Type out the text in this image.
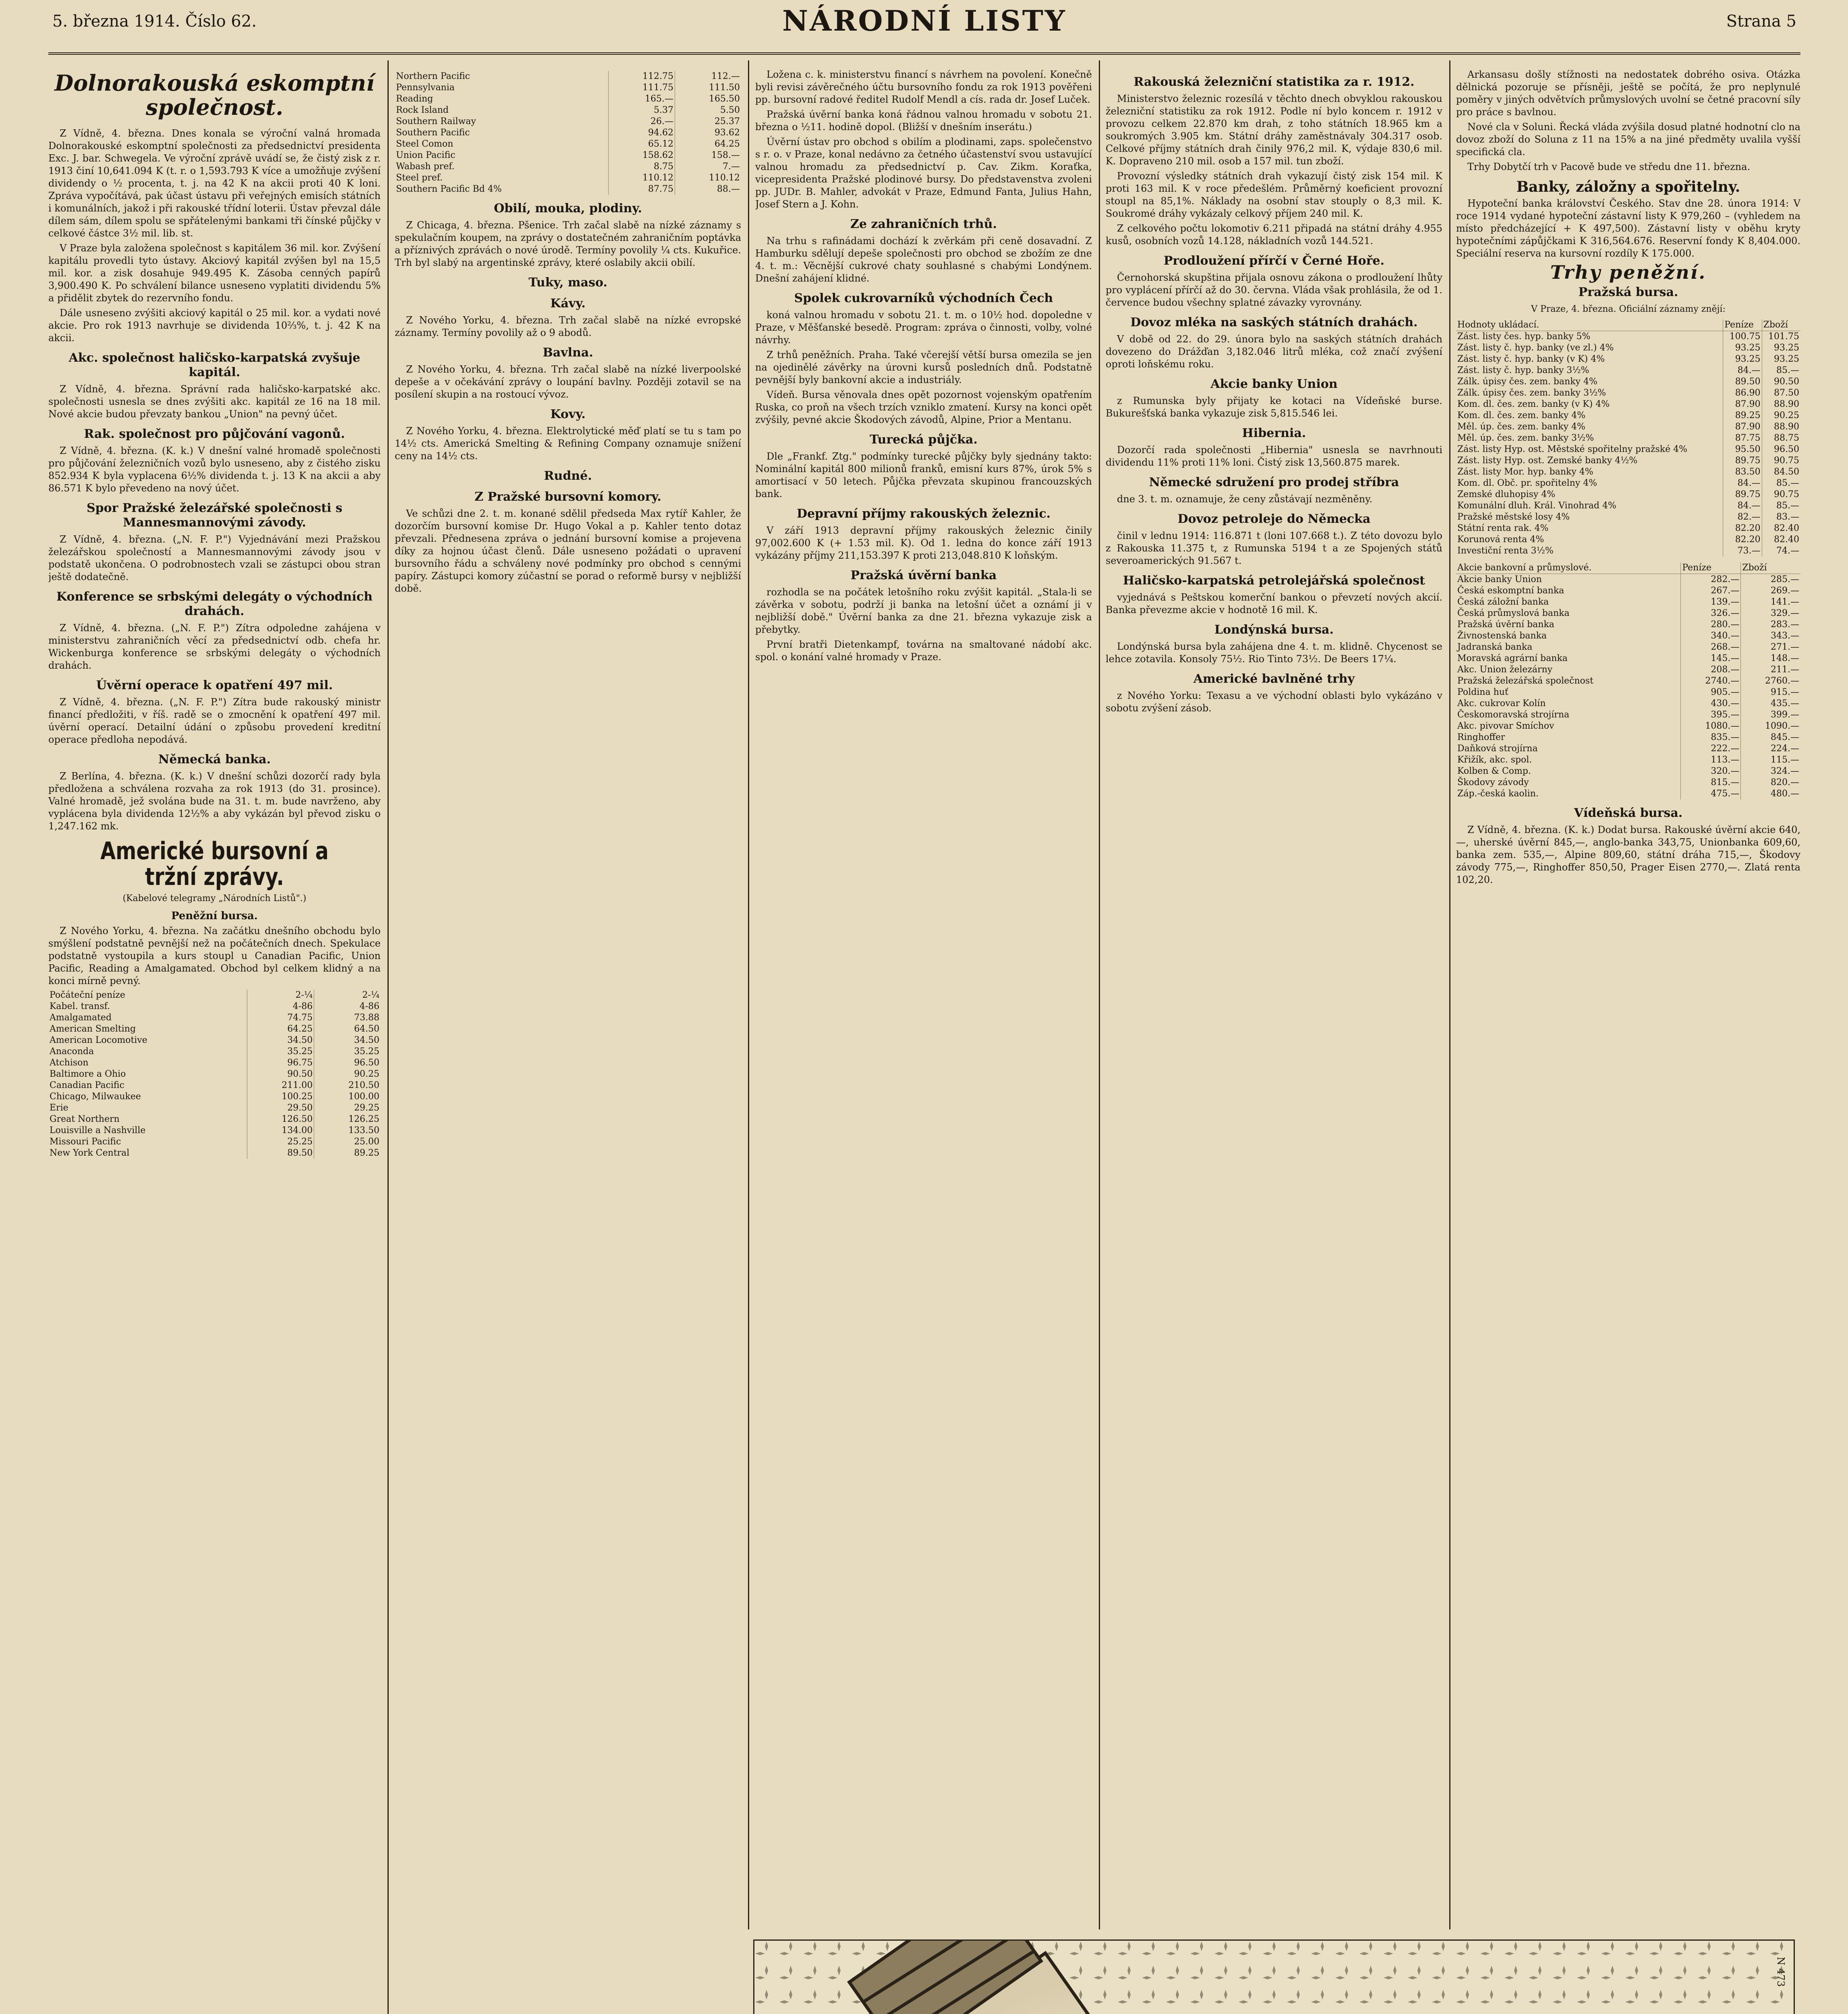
5. března 1914. Číslo 62.	NÁRODNÍ LISTY	Strana 5
Dolnorakouská eskomptní společnost.

Z Vídně, 4. března. Dnes konala se výroční valná hromada Dolnorakouské eskomptní společnosti za předsednictví presidenta Exc. J. bar. Schwegela. Ve výroční zprávě uvádí se, že čistý zisk z r. 1913 činí 10,641.094 K (t. r. o 1,593.793 K více a umožňuje zvýšení dividendy o ½ procenta, t. j. na 42 K na akcii proti 40 K loni. Zpráva vypočítává, pak účast ústavu při veřejných emisích státních i komunálních, jakož i při rakouské třídní loterii. Ústav převzal dále dílem sám, dílem spolu se spřátelenými bankami tři čínské půjčky v celkové částce 3½ mil. lib. st.

V Praze byla založena společnost s kapitálem 36 mil. kor. Zvýšení kapitálu provedli tyto ústavy. Akciový kapitál zvýšen byl na 15,5 mil. kor. a zisk dosahuje 949.495 K. Zásoba cenných papírů 3,900.490 K. Po schválení bilance usneseno vyplatiti dividendu 5% a přidělit zbytek do rezervního fondu.

Dále usneseno zvýšiti akciový kapitál o 25 mil. kor. a vydati nové akcie. Pro rok 1913 navrhuje se dividenda 10⅔%, t. j. 42 K na akcii.

Akc. společnost haličsko-karpatská zvyšuje kapitál.

Z Vídně, 4. března. Správní rada haličsko-karpatské akc. společnosti usnesla se dnes zvýšiti akc. kapitál ze 16 na 18 mil. Nové akcie budou převzaty bankou „Union" na pevný účet.

Rak. společnost pro půjčování vagonů.

Z Vídně, 4. března. (K. k.) V dnešní valné hromadě společnosti pro půjčování železničních vozů bylo usneseno, aby z čistého zisku 852.934 K byla vyplacena 6½% dividenda t. j. 13 K na akcii a aby 86.571 K bylo převedeno na nový účet.

Spor Pražské železářské společnosti s Mannesmannovými závody.

Z Vídně, 4. března. („N. F. P.") Vyjednávání mezi Pražskou železářskou společností a Mannesmannovými závody jsou v podstatě ukončena. O podrobnostech vzali se zástupci obou stran ještě dodatečně.

Konference se srbskými delegáty o východních drahách.

Z Vídně, 4. března. („N. F. P.") Zítra odpoledne zahájena v ministerstvu zahraničních věcí za předsednictví odb. chefa hr. Wickenburga konference se srbskými delegáty o východních drahách.

Úvěrní operace k opatření 497 mil.

Z Vídně, 4. března. („N. F. P.") Zítra bude rakouský ministr financí předložiti, v říš. radě se o zmocnění k opatření 497 mil. úvěrní operací. Detailní údání o způsobu provedení kreditní operace předloha nepodává.

Německá banka.

Z Berlína, 4. března. (K. k.) V dnešní schůzi dozorčí rady byla předložena a schválena rozvaha za rok 1913 (do 31. prosince). Valné hromadě, jež svolána bude na 31. t. m. bude navrženo, aby vyplácena byla dividenda 12½% a aby vykázán byl převod zisku o 1,247.162 mk.

Americké bursovní a tržní zprávy.
(Kabelové telegramy „Národních Listů".)
Peněžní bursa.

Z Nového Yorku, 4. března. Na začátku dnešního obchodu bylo smýšlení podstatně pevnější než na počátečních dnech. Spekulace podstatně vystoupila a kurs stoupl u Canadian Pacific, Union Pacific, Reading a Amalgamated. Obchod byl celkem klidný a na konci mírně pevný.

Počáteční peníze	2-¼	2-¼
Kabel. transf.	4-86	4-86
Amalgamated	74.75	73.88
American Smelting	64.25	64.50
American Locomotive	34.50	34.50
Anaconda	35.25	35.25
Atchison	96.75	96.50
Baltimore a Ohio	90.50	90.25
Canadian Pacific	211.00	210.50
Chicago, Milwaukee	100.25	100.00
Erie	29.50	29.25
Great Northern	126.50	126.25
Louisville a Nashville	134.00	133.50
Missouri Pacific	25.25	25.00
New York Central	89.50	89.25
Northern Pacific	112.75	112.—
Pennsylvania	111.75	111.50
Reading	165.—	165.50
Rock Island	5.37	5.50
Southern Railway	26.—	25.37
Southern Pacific	94.62	93.62
Steel Comon	65.12	64.25
Union Pacific	158.62	158.—
Wabash pref.	8.75	7.—
Steel pref.	110.12	110.12
Southern Pacific Bd 4%	87.75	88.—
Obilí, mouka, plodiny.

Z Chicaga, 4. března. Pšenice. Trh začal slabě na nízké záznamy s spekulačním koupem, na zprávy o dostatečném zahraničním poptávka a příznivých zprávách o nové úrodě. Termíny povolily ¼ cts. Kukuřice. Trh byl slabý na argentinské zprávy, které oslabily akcii obilí.

Tuky, maso.
Kávy.

Z Nového Yorku, 4. března. Trh začal slabě na nízké evropské záznamy. Termíny povolily až o 9 abodů.

Bavlna.

Z Nového Yorku, 4. března. Trh začal slabě na nízké liverpoolské depeše a v očekávání zprávy o loupání bavlny. Později zotavil se na posílení skupin a na rostoucí vývoz.

Kovy.

Z Nového Yorku, 4. března. Elektrolytické měď platí se tu s tam po 14½ cts. Americká Smelting & Refining Company oznamuje snížení ceny na 14½ cts.

Rudné.
Z Pražské bursovní komory.

Ve schůzi dne 2. t. m. konané sdělil předseda Max rytíř Kahler, že dozorčím bursovní komise Dr. Hugo Vokal a p. Kahler tento dotaz převzali. Přednesena zpráva o jednání bursovní komise a projevena díky za hojnou účast členů. Dále usneseno požádati o upravení bursovního řádu a schváleny nové podmínky pro obchod s cennými papíry. Zástupci komory zúčastní se porad o reformě bursy v nejbližší době.

Ložena c. k. ministerstvu financí s návrhem na povolení. Konečně byli revisi závěrečného účtu bursovního fondu za rok 1913 pověřeni pp. bursovní radové ředitel Rudolf Mendl a cís. rada dr. Josef Luček.

Pražská úvěrní banka koná řádnou valnou hromadu v sobotu 21. března o ½11. hodině dopol. (Bližší v dnešním inserátu.)

Úvěrní ústav pro obchod s obilím a plodinami, zaps. společenstvo s r. o. v Praze, konal nedávno za četného účastenství svou ustavující valnou hromadu za předsednictví p. Cav. Zikm. Koraťka, vicepresidenta Pražské plodinové bursy. Do představenstva zvoleni pp. JUDr. B. Mahler, advokát v Praze, Edmund Fanta, Julius Hahn, Josef Stern a J. Kohn.

Ze zahraničních trhů.

Na trhu s rafinádami dochází k zvěrkám při ceně dosavadní. Z Hamburku sdělují depeše společnosti pro obchod se zbožím ze dne 4. t. m.: Věcnější cukrové chaty souhlasné s chabými Londýnem. Dnešní zahájení klidné.

Spolek cukrovarníků východních Čech

koná valnou hromadu v sobotu 21. t. m. o 10½ hod. dopoledne v Praze, v Měšťanské besedě. Program: zpráva o činnosti, volby, volné návrhy.

Z trhů peněžních. Praha. Také včerejší větší bursa omezila se jen na ojedinělé závěrky na úrovni kursů posledních dnů. Podstatně pevnější byly bankovní akcie a industriály.

Vídeň. Bursa věnovala dnes opět pozornost vojenským opatřením Ruska, co proň na všech trzích vzniklo zmatení. Kursy na konci opět zvýšily, pevné akcie Škodových závodů, Alpine, Prior a Mentanu.

Turecká půjčka.

Dle „Frankf. Ztg." podmínky turecké půjčky byly sjednány takto: Nominální kapitál 800 milionů franků, emisní kurs 87%, úrok 5% s amortisací v 50 letech. Půjčka převzata skupinou francouzských bank.

Depravní příjmy rakouských železnic.

V září 1913 depravní příjmy rakouských železnic činily 97,002.600 K (+ 1.53 mil. K). Od 1. ledna do konce září 1913 vykázány příjmy 211,153.397 K proti 213,048.810 K loňským.

Pražská úvěrní banka

rozhodla se na počátek letošního roku zvýšit kapitál. „Stala-li se závěrka v sobotu, podrží ji banka na letošní účet a oznámí ji v nejbližší době." Úvěrní banka za dne 21. března vykazuje zisk a přebytky.

První bratři Dietenkampf, továrna na smaltované nádobí akc. spol. o konání valné hromady v Praze.

Rakouská železniční statistika za r. 1912.

Ministerstvo železnic rozesílá v těchto dnech obvyklou rakouskou železniční statistiku za rok 1912. Podle ní bylo koncem r. 1912 v provozu celkem 22.870 km drah, z toho státních 18.965 km a soukromých 3.905 km. Státní dráhy zaměstnávaly 304.317 osob. Celkové příjmy státních drah činily 976,2 mil. K, výdaje 830,6 mil. K. Dopraveno 210 mil. osob a 157 mil. tun zboží.

Provozní výsledky státních drah vykazují čistý zisk 154 mil. K proti 163 mil. K v roce předešlém. Průměrný koeficient provozní stoupl na 85,1%. Náklady na osobní stav stouply o 8,3 mil. K. Soukromé dráhy vykázaly celkový příjem 240 mil. K.

Z celkového počtu lokomotiv 6.211 připadá na státní dráhy 4.955 kusů, osobních vozů 14.128, nákladních vozů 144.521.

Prodloužení přírčí v Černé Hoře.

Černohorská skupština přijala osnovu zákona o prodloužení lhůty pro vyplácení přírčí až do 30. června. Vláda však prohlásila, že od 1. července budou všechny splatné závazky vyrovnány.

Dovoz mléka na saských státních drahách.

V době od 22. do 29. února bylo na saských státních drahách dovezeno do Drážďan 3,182.046 litrů mléka, což značí zvýšení oproti loňskému roku.

Akcie banky Union

z Rumunska byly přijaty ke kotaci na Vídeňské burse. Bukurešťská banka vykazuje zisk 5,815.546 lei.

Hibernia.

Dozorčí rada společnosti „Hibernia" usnesla se navrhnouti dividendu 11% proti 11% loni. Čistý zisk 13,560.875 marek.

Německé sdružení pro prodej stříbra

dne 3. t. m. oznamuje, že ceny zůstávají nezměněny.

Dovoz petroleje do Německa

činil v lednu 1914: 116.871 t (loni 107.668 t.). Z této dovozu bylo z Rakouska 11.375 t, z Rumunska 5194 t a ze Spojených států severoamerických 91.567 t.

Haličsko-karpatská petrolejářská společnost

vyjednává s Peštskou komerční bankou o převzetí nových akcií. Banka převezme akcie v hodnotě 16 mil. K.

Londýnská bursa.

Londýnská bursa byla zahájena dne 4. t. m. klidně. Chycenost se lehce zotavila. Konsoly 75½. Rio Tinto 73½. De Beers 17¼.

Americké bavlněné trhy

z Nového Yorku: Texasu a ve východní oblasti bylo vykázáno v sobotu zvýšení zásob.

Arkansasu došly stížnosti na nedostatek dobrého osiva. Otázka dělnická pozoruje se přísněji, ještě se počítá, že pro neplynulé poměry v jiných odvětvích průmyslových uvolní se četné pracovní síly pro práce s bavlnou.

Nové cla v Soluni. Řecká vláda zvýšila dosud platné hodnotní clo na dovoz zboží do Soluna z 11 na 15% a na jiné předměty uvalila vyšší specifická cla.

Trhy Dobytčí trh v Pacově bude ve středu dne 11. března.

Banky, záložny a spořitelny.

Hypoteční banka království Českého. Stav dne 28. února 1914: V roce 1914 vydané hypoteční zástavní listy K 979,260 – (vyhledem na místo předcházející + K 497,500). Zástavní listy v oběhu kryty hypotečními zápůjčkami K 316,564.676. Reservní fondy K 8,404.000. Speciální reserva na kursovní rozdíly K 175.000.

Trhy peněžní.
Pražská bursa.
V Praze, 4. března. Oficiální záznamy znějí:
Hodnoty ukládací.	Peníze	Zboží
Zást. listy čes. hyp. banky 5%	100.75	101.75
Zást. listy č. hyp. banky (ve zl.) 4%	93.25	93.25
Zást. listy č. hyp. banky (v K) 4%	93.25	93.25
Zást. listy č. hyp. banky 3½%	84.—	85.—
Zálk. úpisy čes. zem. banky 4%	89.50	90.50
Zálk. úpisy čes. zem. banky 3½%	86.90	87.50
Kom. dl. čes. zem. banky (v K) 4%	87.90	88.90
Kom. dl. čes. zem. banky 4%	89.25	90.25
Měl. úp. čes. zem. banky 4%	87.90	88.90
Měl. úp. čes. zem. banky 3½%	87.75	88.75
Zást. listy Hyp. ost. Městské spořitelny pražské 4%	95.50	96.50
Zást. listy Hyp. ost. Zemské banky 4½%	89.75	90.75
Zást. listy Mor. hyp. banky 4%	83.50	84.50
Kom. dl. Obč. pr. spořitelny 4%	84.—	85.—
Zemské dluhopisy 4%	89.75	90.75
Komunální dluh. Král. Vinohrad 4%	84.—	85.—
Pražské městské losy 4%	82.—	83.—
Státní renta rak. 4%	82.20	82.40
Korunová renta 4%	82.20	82.40
Investiční renta 3½%	73.—	74.—
Akcie bankovní a průmyslové.	Peníze	Zboží
Akcie banky Union	282.—	285.—
Česká eskomptní banka	267.—	269.—
Česká záložní banka	139.—	141.—
Česká průmyslová banka	326.—	329.—
Pražská úvěrní banka	280.—	283.—
Živnostenská banka	340.—	343.—
Jadranská banka	268.—	271.—
Moravská agrární banka	145.—	148.—
Akc. Union železárny	208.—	211.—
Pražská železářská společnost	2740.—	2760.—
Poldina huť	905.—	915.—
Akc. cukrovar Kolín	430.—	435.—
Českomoravská strojírna	395.—	399.—
Akc. pivovar Smíchov	1080.—	1090.—
Ringhoffer	835.—	845.—
Daňková strojírna	222.—	224.—
Křižík, akc. spol.	113.—	115.—
Kolben & Comp.	320.—	324.—
Škodovy závody	815.—	820.—
Záp.-česká kaolin.	475.—	480.—
Vídeňská bursa.

Z Vídně, 4. března. (K. k.) Dodat bursa. Rakouské úvěrní akcie 640,—, uherské úvěrní 845,—, anglo-banka 343,75, Unionbanka 609,60, banka zem. 535,—, Alpine 809,60, státní dráha 715,—, Škodovy závody 775,—, Ringhoffer 850,50, Prager Eisen 2770,—. Zlatá renta 102,20.

N 473
